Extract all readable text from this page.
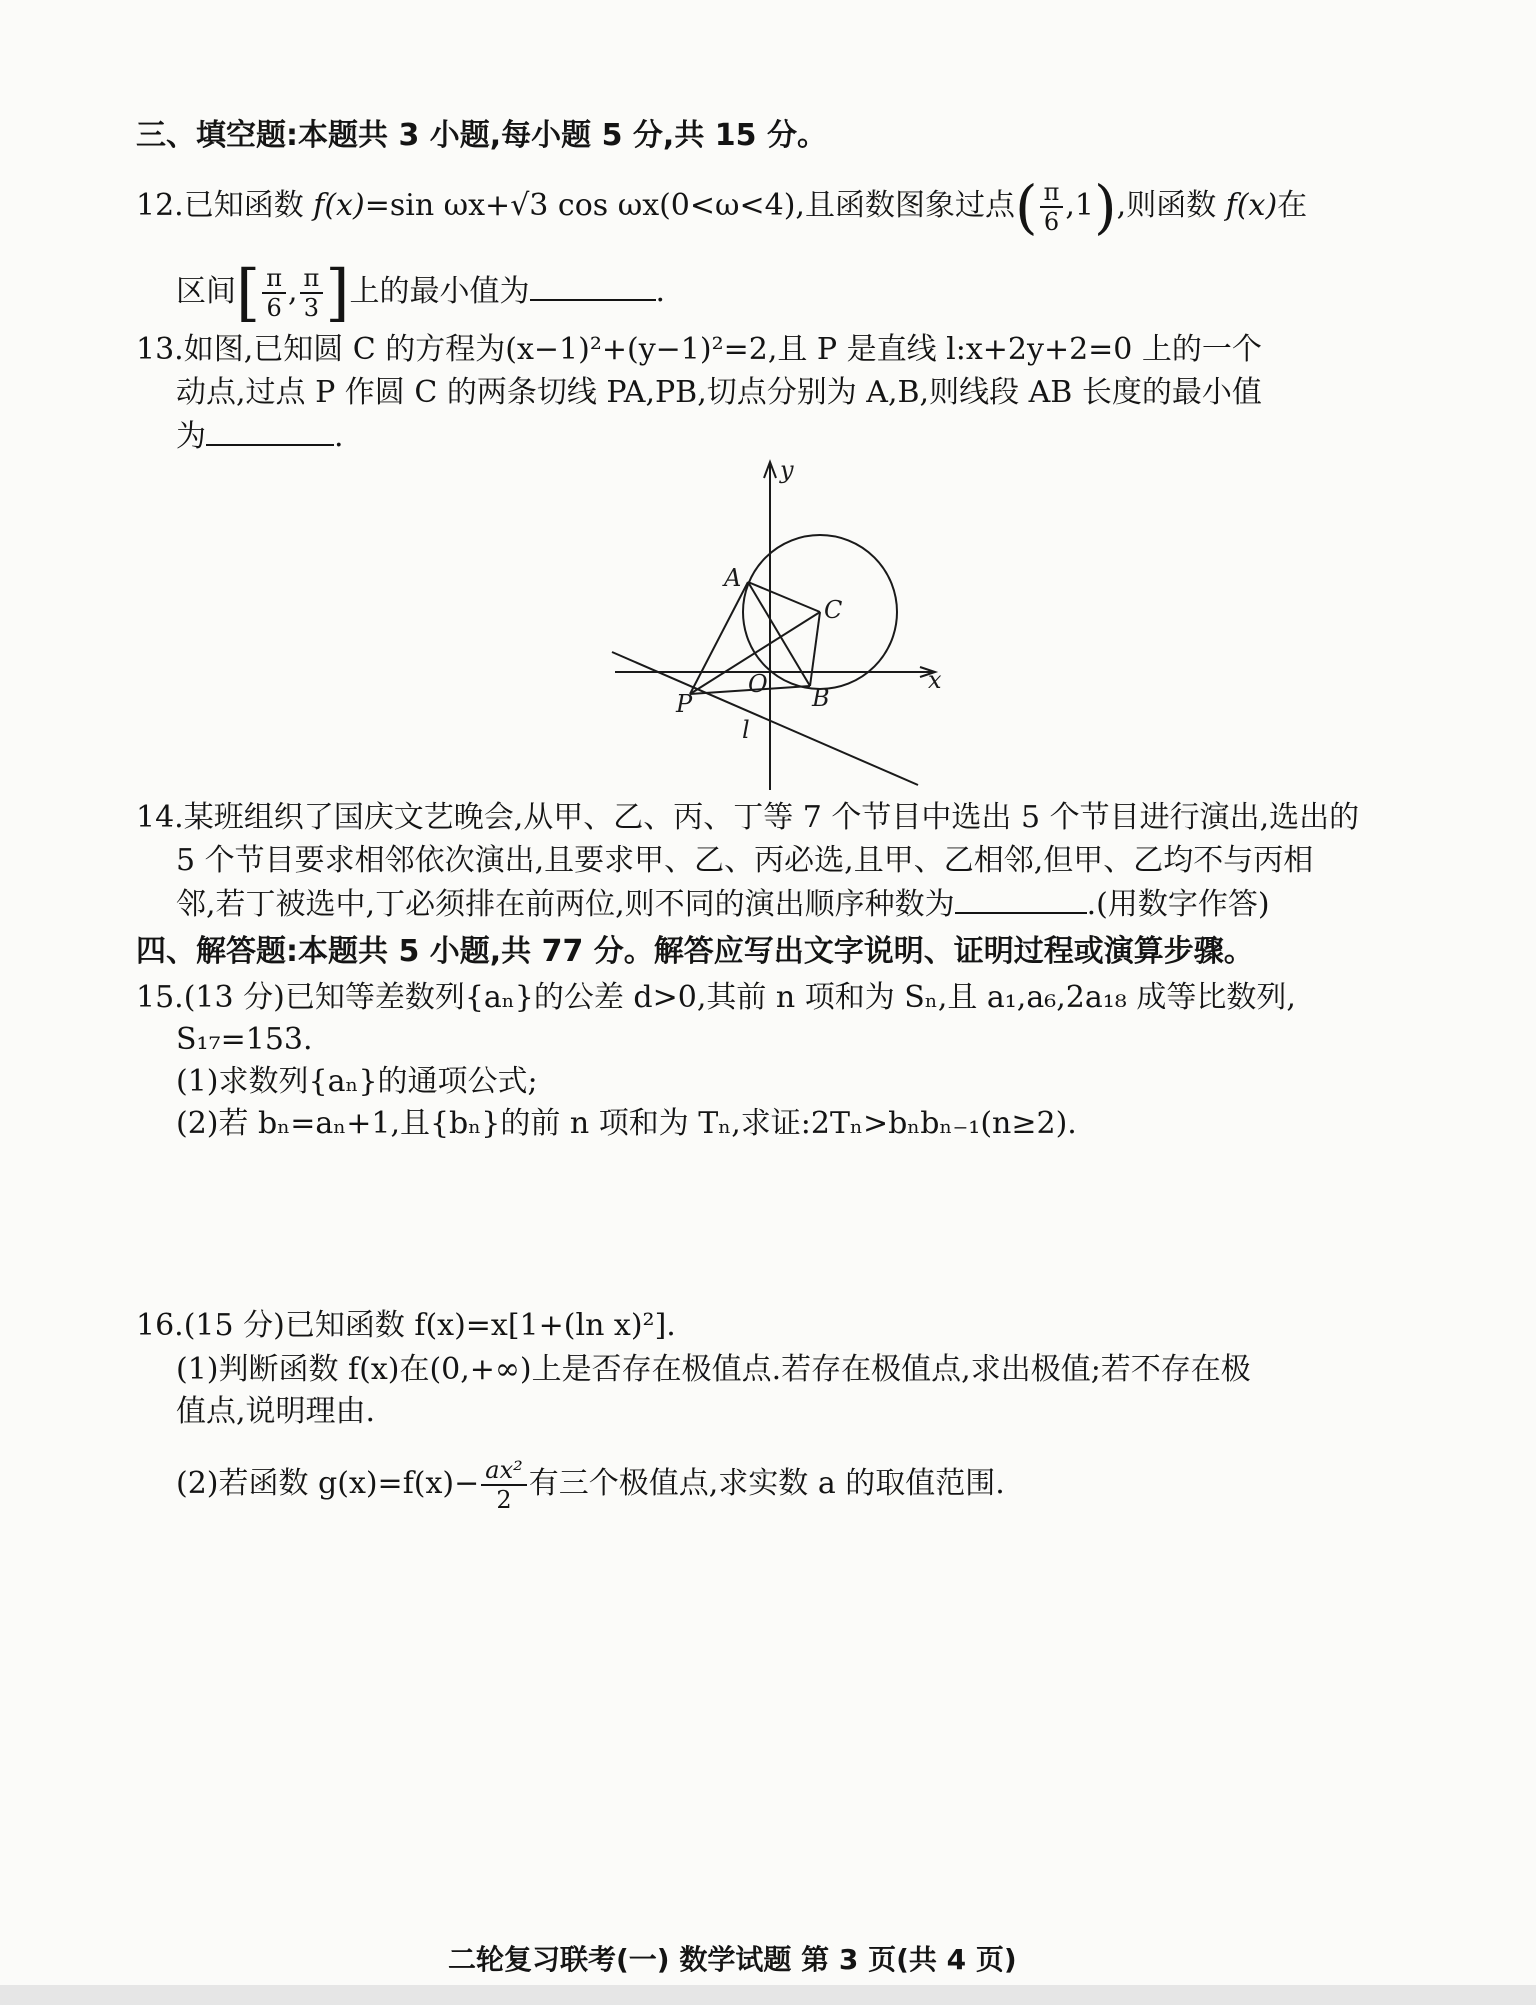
三、填空题:本题共 3 小题,每小题 5 分,共 15 分。
12.已知函数 f(x)=sin ωx+√3 cos ωx(0<ω<4),且函数图象过点( $\frac{\pi}{6} ,1$),则函数 f(x)在
区间[ $\frac{\pi}{6}$ , $\frac{\pi}{3}$ ]上的最小值为	.
13.如图,已知圆 C 的方程为(x−1)²+(y−1)²=2,且 P 是直线 l:x+2y+2=0 上的一个
动点,过点 P 作圆 C 的两条切线 PA,PB,切点分别为 A,B,则线段 AB 长度的最小值
为	.
y
x
A
C
O B
P
l
14.某班组织了国庆文艺晚会,从甲、乙、丙、丁等 7 个节目中选出 5 个节目进行演出,选出的
5 个节目要求相邻依次演出,且要求甲、乙、丙必选,且甲、乙相邻,但甲、乙均不与丙相
邻,若丁被选中,丁必须排在前两位,则不同的演出顺序种数为	.(用数字作答)
四、解答题:本题共 5 小题,共 77 分。解答应写出文字说明、证明过程或演算步骤。
15.(13 分)已知等差数列{aₙ}的公差 d>0,其前 n 项和为 Sₙ,且 a₁,a₆,2a₁₈ 成等比数列,
S₁₇=153.
(1)求数列{aₙ}的通项公式;
(2)若 bₙ=aₙ+1,且{bₙ}的前 n 项和为 Tₙ,求证:2Tₙ>bₙbₙ₋₁(n≥2).
16.(15 分)已知函数 f(x)=x[1+(ln x)²].
(1)判断函数 f(x)在(0,+∞)上是否存在极值点.若存在极值点,求出极值;若不存在极
值点,说明理由.
(2)若函数 $g(x)=f(x)- \frac{\text{ax²}}{2}$ 有三个极值点,求实数 a 的取值范围.
二轮复习联考(一) 数学试题 第 3 页(共 4 页)
